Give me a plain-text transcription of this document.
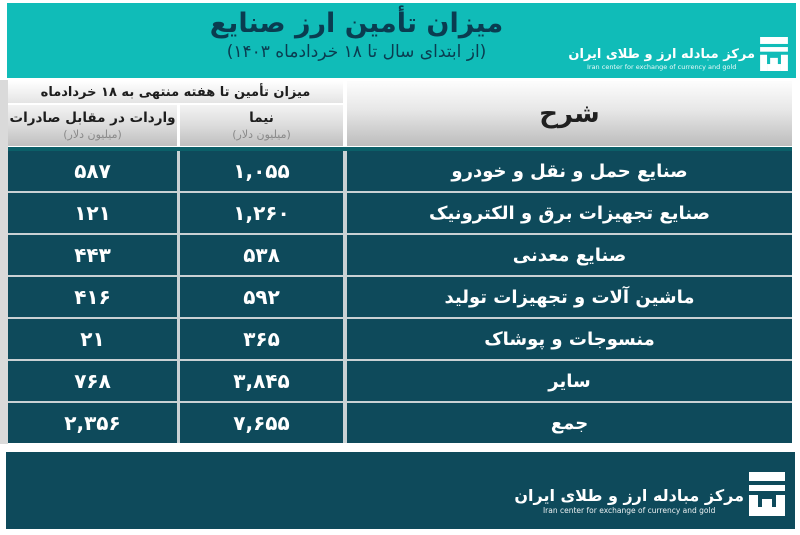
میزان تأمین ارز صنایع
(از ابتدای سال تا ۱۸ خردادماه ۱۴۰۳)	مرکز مبادله ارز و طلای ایران
Iran center for exchange of currency and gold
شرح
میزان تأمین تا هفته منتهی به ۱۸ خردادماه
نیما
(میلیون دلار)
واردات در مقابل صادرات
(میلیون دلار)
۵۸۷	۱,۰۵۵	صنایع حمل و نقل و خودرو
۱۲۱	۱,۲۶۰	صنایع تجهیزات برق و الکترونیک
۴۴۳	۵۳۸	صنایع معدنی
۴۱۶	۵۹۲	ماشین آلات و تجهیزات تولید
۲۱	۳۶۵	منسوجات و پوشاک
۷۶۸	۳,۸۴۵	سایر
۲,۳۵۶	۷,۶۵۵	جمع
مرکز مبادله ارز و طلای ایران
Iran center for exchange of currency and gold
